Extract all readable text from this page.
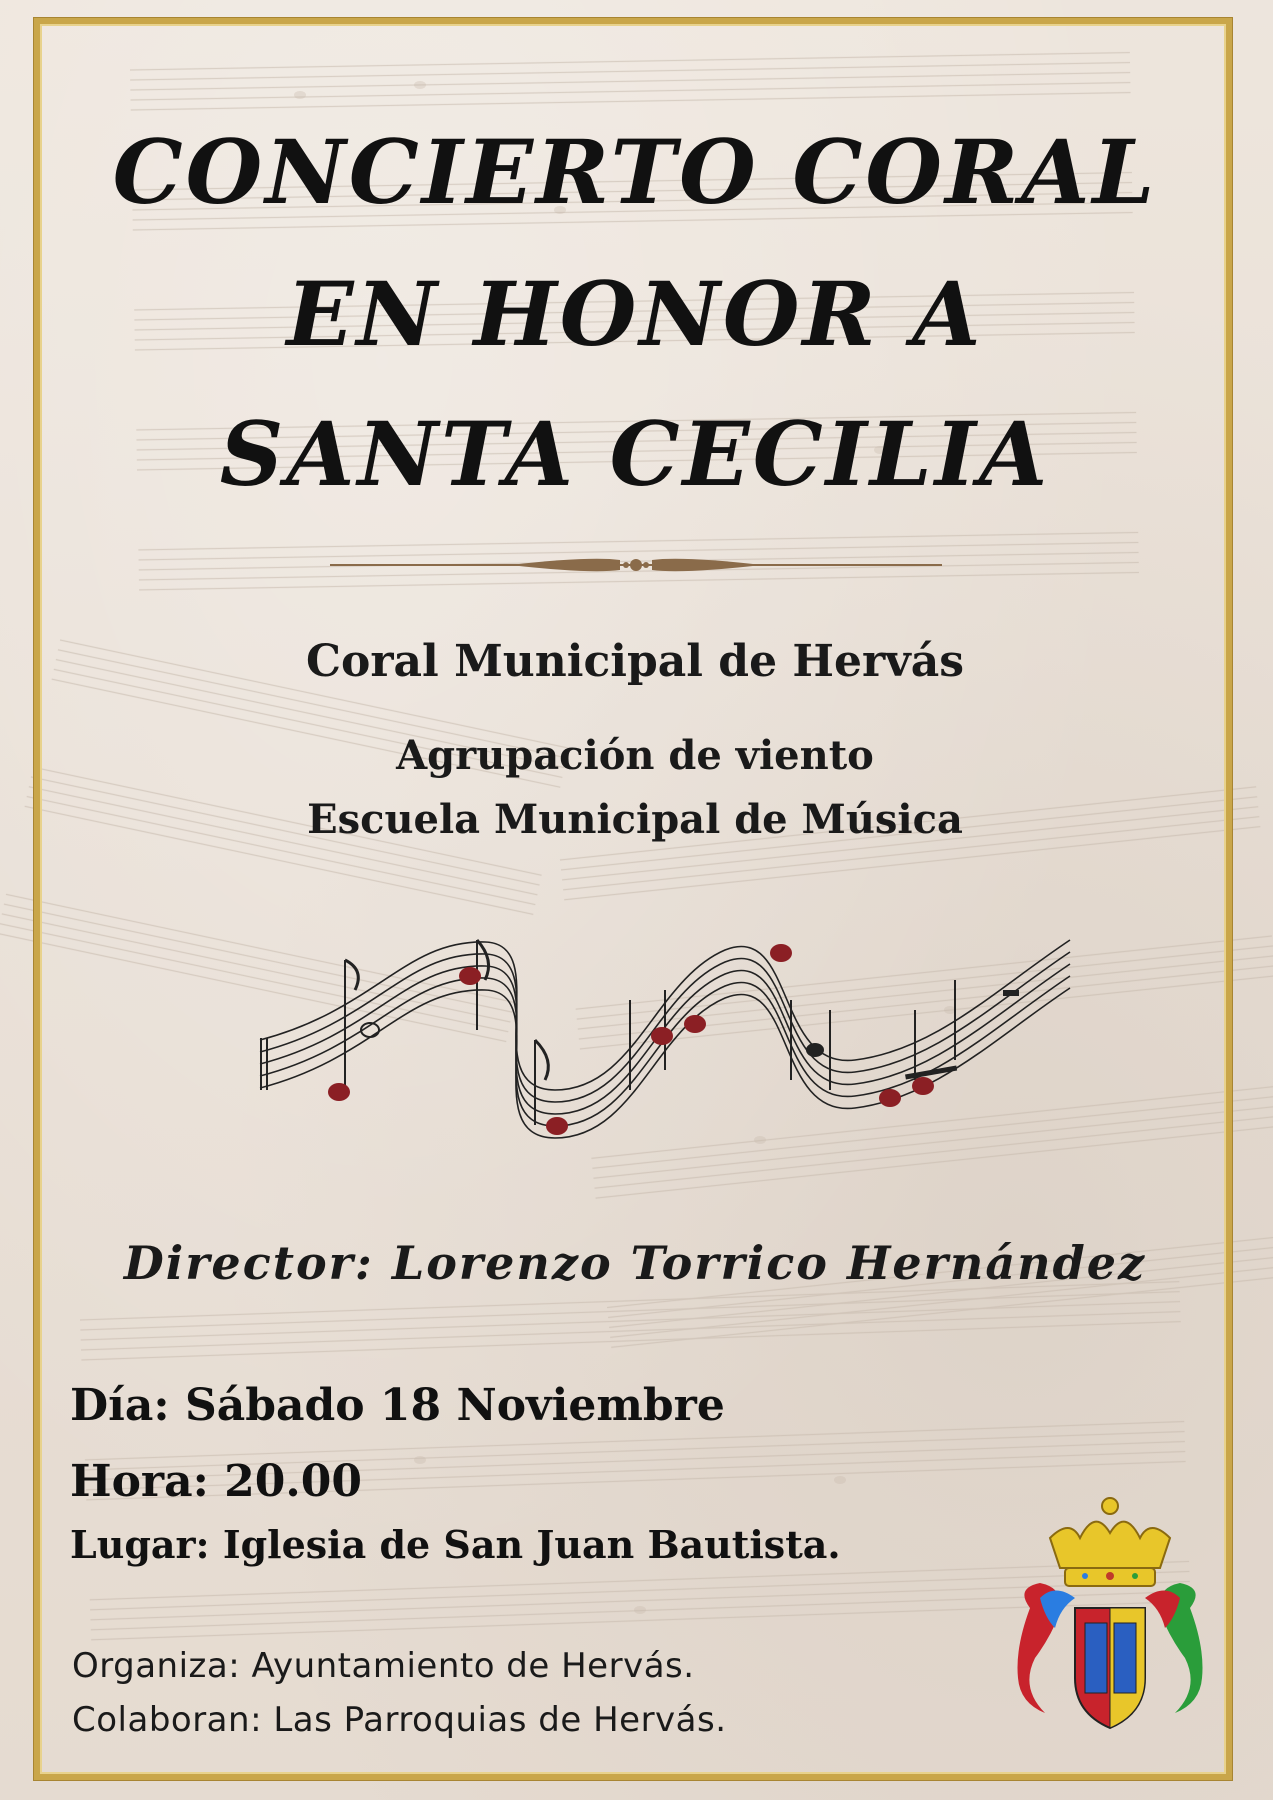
CONCIERTO CORAL
EN HONOR A
SANTA CECILIA
Coral Municipal de Hervás
Agrupación de viento
Escuela Municipal de Música
Director: Lorenzo Torrico Hernández
Día: Sábado 18 Noviembre
Hora: 20.00
Lugar: Iglesia de San Juan Bautista.
Organiza: Ayuntamiento de Hervás.
Colaboran: Las Parroquias de Hervás.
